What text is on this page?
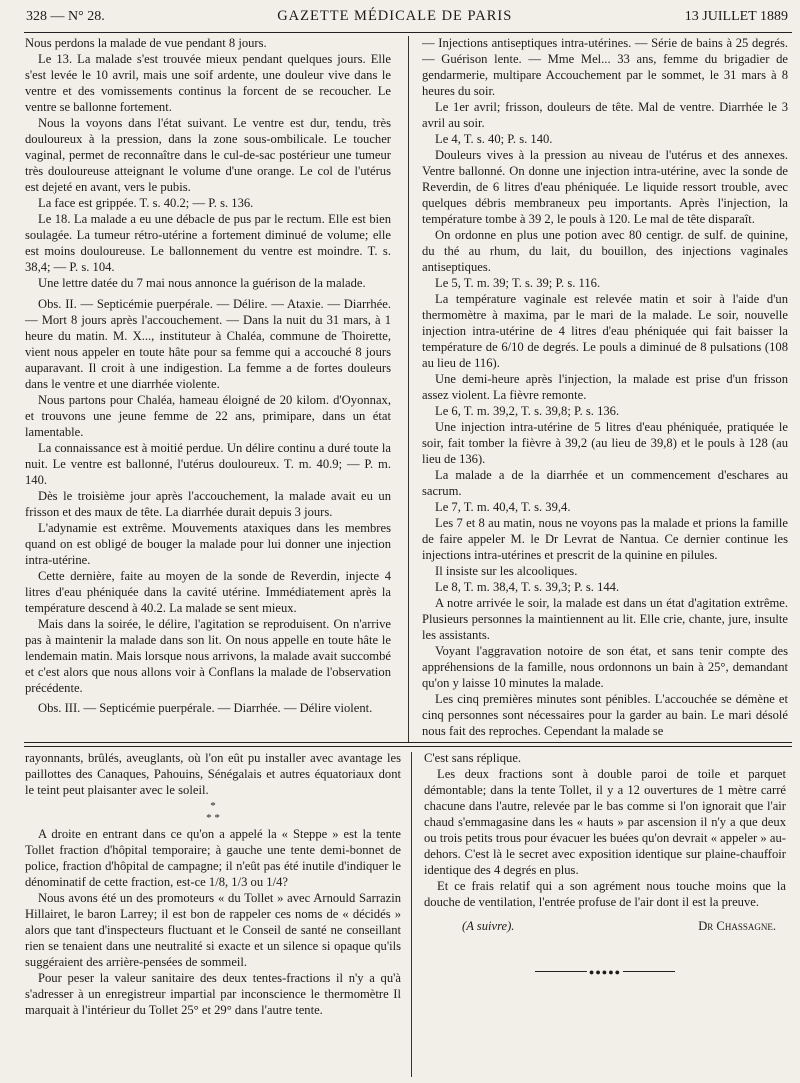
328 — N° 28.	GAZETTE MÉDICALE DE PARIS	13 JUILLET 1889

Nous perdons la malade de vue pendant 8 jours.

Le 13. La malade s'est trouvée mieux pendant quelques jours. Elle s'est levée le 10 avril, mais une soif ardente, une douleur vive dans le ventre et des vomissements continus la forcent de se recoucher. Le ventre se ballonne fortement.

Nous la voyons dans l'état suivant. Le ventre est dur, tendu, très douloureux à la pression, dans la zone sous-ombilicale. Le toucher vaginal, permet de reconnaître dans le cul-de-sac postérieur une tumeur très douloureuse atteignant le volume d'une orange. Le col de l'utérus est dejeté en avant, vers le pubis.

La face est grippée. T. s. 40.2; — P. s. 136.

Le 18. La malade a eu une débacle de pus par le rectum. Elle est bien soulagée. La tumeur rétro-utérine a fortement diminué de volume; elle est moins douloureuse. Le ballonnement du ventre est moindre. T. s. 38,4; — P. s. 104.

Une lettre datée du 7 mai nous annonce la guérison de la malade.

Obs. II. — Septicémie puerpérale. — Délire. — Ataxie. — Diarrhée. — Mort 8 jours après l'accouchement. — Dans la nuit du 31 mars, à 1 heure du matin. M. X..., instituteur à Chaléa, commune de Thoirette, vient nous appeler en toute hâte pour sa femme qui a accouché 8 jours auparavant. Il croit à une indigestion. La femme a de fortes douleurs dans le ventre et une diarrhée violente.

Nous partons pour Chaléa, hameau éloigné de 20 kilom. d'Oyonnax, et trouvons une jeune femme de 22 ans, primipare, dans un état lamentable.

La connaissance est à moitié perdue. Un délire continu a duré toute la nuit. Le ventre est ballonné, l'utérus douloureux. T. m. 40.9; — P. m. 140.

Dès le troisième jour après l'accouchement, la malade avait eu un frisson et des maux de tête. La diarrhée durait depuis 3 jours.

L'adynamie est extrême. Mouvements ataxiques dans les membres quand on est obligé de bouger la malade pour lui donner une injection intra-utérine.

Cette dernière, faite au moyen de la sonde de Reverdin, injecte 4 litres d'eau phéniquée dans la cavité utérine. Immédiatement après la température descend à 40.2. La malade se sent mieux.

Mais dans la soirée, le délire, l'agitation se reproduisent. On n'arrive pas à maintenir la malade dans son lit. On nous appelle en toute hâte le lendemain matin. Mais lorsque nous arrivons, la malade avait succombé et c'est alors que nous allons voir à Conflans la malade de l'observation précédente.

Obs. III. — Septicémie puerpérale. — Diarrhée. — Délire violent.

— Injections antiseptiques intra-utérines. — Série de bains à 25 degrés. — Guérison lente. — Mme Mel... 33 ans, femme du brigadier de gendarmerie, multipare Accouchement par le sommet, le 31 mars à 8 heures du soir.

Le 1er avril; frisson, douleurs de tête. Mal de ventre. Diarrhée le 3 avril au soir.

Le 4, T. s. 40; P. s. 140.

Douleurs vives à la pression au niveau de l'utérus et des annexes. Ventre ballonné. On donne une injection intra-utérine, avec la sonde de Reverdin, de 6 litres d'eau phéniquée. Le liquide ressort trouble, avec quelques débris membraneux peu importants. Après l'injection, la température tombe à 39 2, le pouls à 120. Le mal de tête disparaît.

On ordonne en plus une potion avec 80 centigr. de sulf. de quinine, du thé au rhum, du lait, du bouillon, des injections vaginales antiseptiques.

Le 5, T. m. 39; T. s. 39; P. s. 116.

La température vaginale est relevée matin et soir à l'aide d'un thermomètre à maxima, par le mari de la malade. Le soir, nouvelle injection intra-utérine de 4 litres d'eau phéniquée qui fait baisser la température de 6/10 de degrés. Le pouls a diminué de 8 pulsations (108 au lieu de 116).

Une demi-heure après l'injection, la malade est prise d'un frisson assez violent. La fièvre remonte.

Le 6, T. m. 39,2, T. s. 39,8; P. s. 136.

Une injection intra-utérine de 5 litres d'eau phéniquée, pratiquée le soir, fait tomber la fièvre à 39,2 (au lieu de 39,8) et le pouls à 128 (au lieu de 136).

La malade a de la diarrhée et un commencement d'eschares au sacrum.

Le 7, T. m. 40,4, T. s. 39,4.

Les 7 et 8 au matin, nous ne voyons pas la malade et prions la famille de faire appeler M. le Dr Levrat de Nantua. Ce dernier continue les injections intra-utérines et prescrit de la quinine en pilules.

Il insiste sur les alcooliques.

Le 8, T. m. 38,4, T. s. 39,3; P. s. 144.

A notre arrivée le soir, la malade est dans un état d'agitation extrême. Plusieurs personnes la maintiennent au lit. Elle crie, chante, jure, insulte les assistants.

Voyant l'aggravation notoire de son état, et sans tenir compte des appréhensions de la famille, nous ordonnons un bain à 25°, demandant qu'on y laisse 10 minutes la malade.

Les cinq premières minutes sont pénibles. L'accouchée se démène et cinq personnes sont nécessaires pour la garder au bain. Le mari désolé nous fait des reproches. Cependant la malade se

rayonnants, brûlés, aveuglants, où l'on eût pu installer avec avantage les paillottes des Canaques, Pahouins, Sénégalais et autres équatoriaux dont le teint peut plaisanter avec le soleil.

*
* *

A droite en entrant dans ce qu'on a appelé la « Steppe » est la tente Tollet fraction d'hôpital temporaire; à gauche une tente demi-bonnet de police, fraction d'hôpital de campagne; il n'eût pas été inutile d'indiquer le dénominatif de cette fraction, est-ce 1/8, 1/3 ou 1/4?

Nous avons été un des promoteurs « du Tollet » avec Arnould Sarrazin Hillairet, le baron Larrey; il est bon de rappeler ces noms de « décidés » alors que tant d'inspecteurs fluctuant et le Conseil de santé ne conseillant rien se tenaient dans une neutralité si exacte et un silence si opaque qu'ils suggéraient des arrière-pensées de sommeil.

Pour peser la valeur sanitaire des deux tentes-fractions il n'y a qu'à s'adresser à un enregistreur impartial par inconscience le thermomètre Il marquait à l'intérieur du Tollet 25° et 29° dans l'autre tente.

C'est sans réplique.

Les deux fractions sont à double paroi de toile et parquet démontable; dans la tente Tollet, il y a 12 ouvertures de 1 mètre carré chacune dans l'autre, relevée par le bas comme si l'on ignorait que l'air chaud s'emmagasine dans les « hauts » par ascension il n'y a que deux ou trois petits trous pour évacuer les buées qu'on devrait « appeler » au-dehors. C'est là le secret avec exposition identique sur plaine-chauffoir identique des 4 degrés en plus.

Et ce frais relatif qui a son agrément nous touche moins que la douche de ventilation, l'entrée profuse de l'air dont il est la preuve.

(A suivre).	Dr Chassagne.
●●●●●
